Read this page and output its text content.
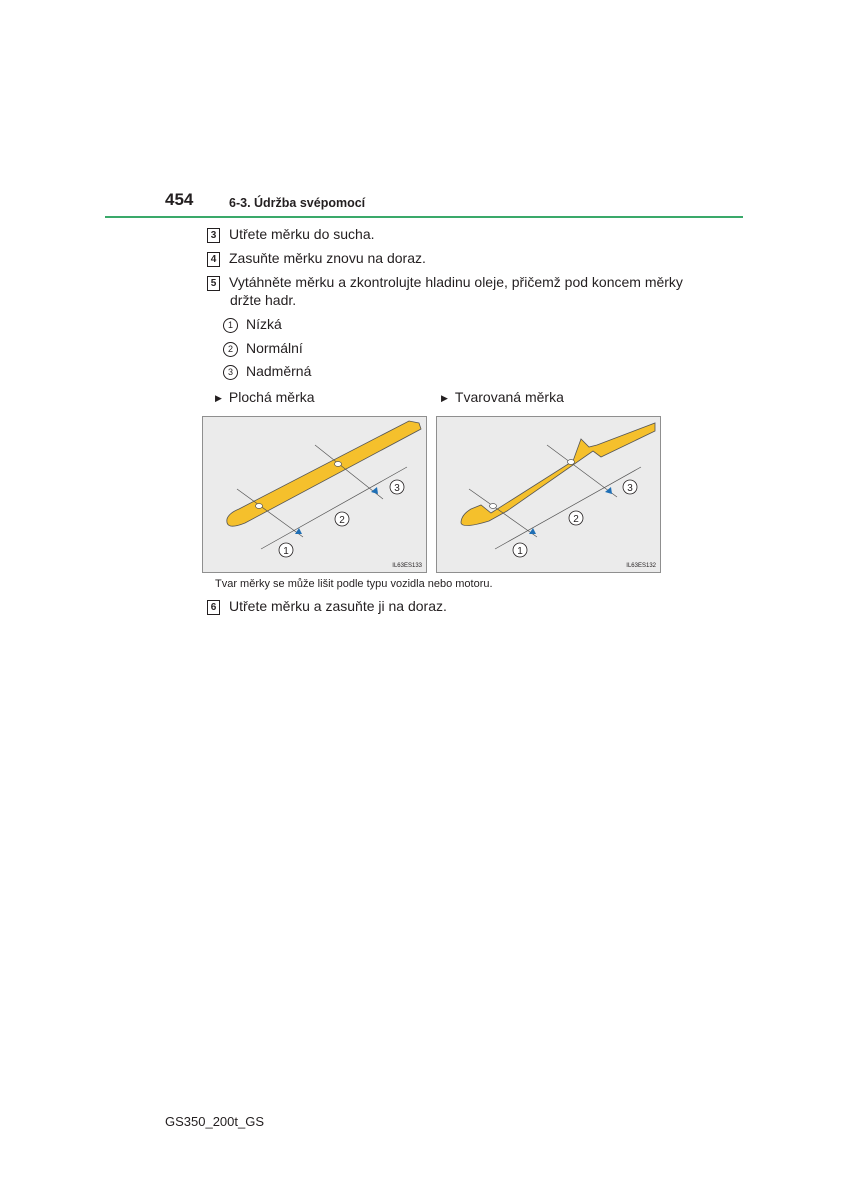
454	6-3. Údržba svépomocí
3 Utřete měrku do sucha.
4 Zasuňte měrku znovu na doraz.
5 Vytáhněte měrku a zkontrolujte hladinu oleje, přičemž pod koncem měrky
držte hadr.
1 Nízká
2 Normální
3 Nadměrná
▶ Plochá měrka	▶ Tvarovaná měrka
1
2
3
IL63ES133
1
2
3
IL63ES132
Tvar měrky se může lišit podle typu vozidla nebo motoru.
6 Utřete měrku a zasuňte ji na doraz.
GS350_200t_GS
